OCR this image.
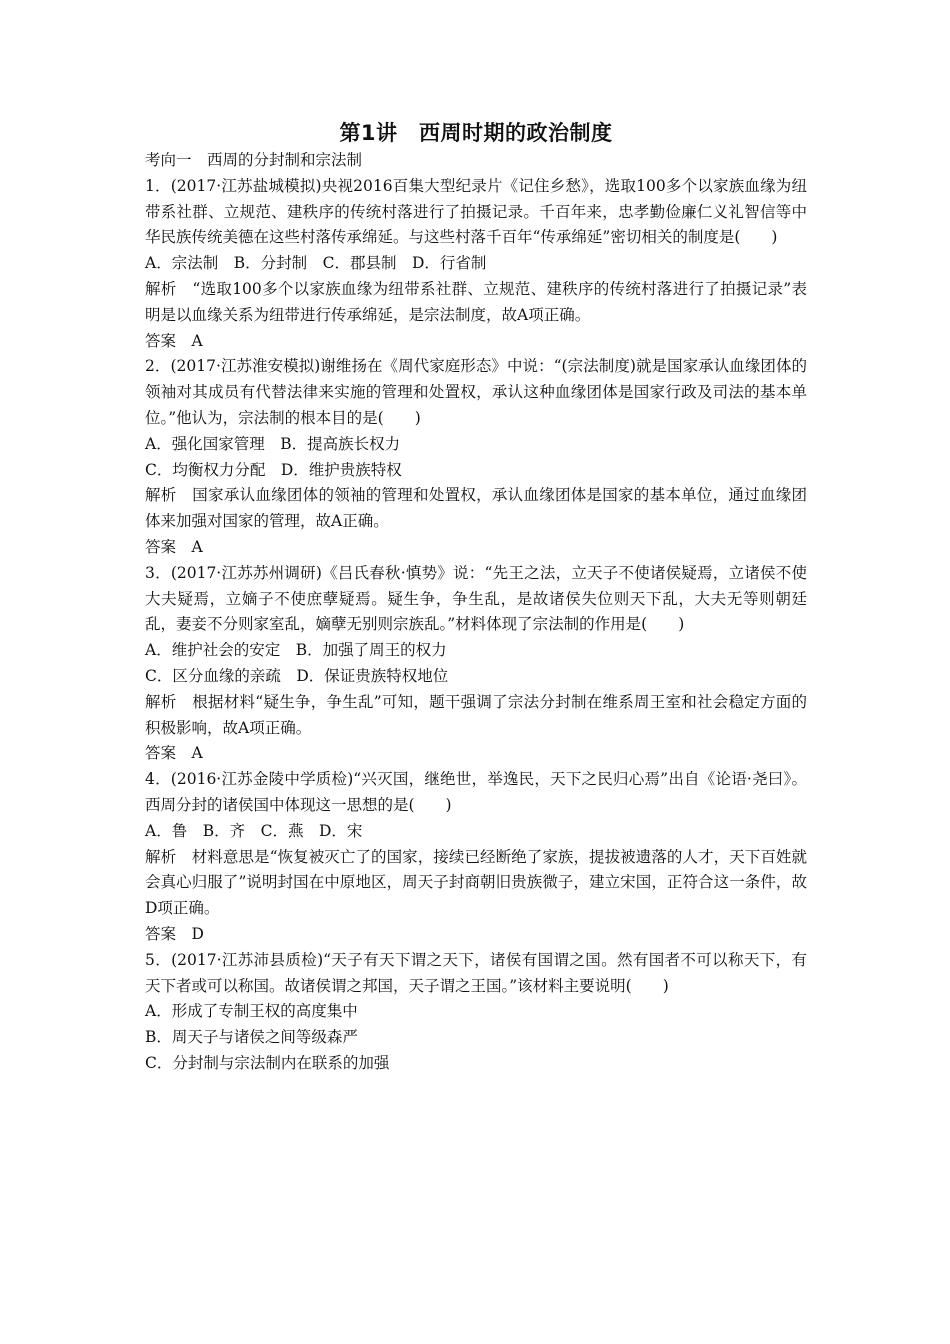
第1讲　西周时期的政治制度
考向一　西周的分封制和宗法制

1．(2017·江苏盐城模拟)央视2016百集大型纪录片《记住乡愁》，选取100多个以家族血缘为纽带系社群、立规范、建秩序的传统村落进行了拍摄记录。千百年来，忠孝勤俭廉仁义礼智信等中华民族传统美德在这些村落传承绵延。与这些村落千百年“传承绵延”密切相关的制度是(　　)

A．宗法制　B．分封制　C．郡县制　D．行省制

解析　“选取100多个以家族血缘为纽带系社群、立规范、建秩序的传统村落进行了拍摄记录”表明是以血缘关系为纽带进行传承绵延，是宗法制度，故A项正确。

答案　A

2．(2017·江苏淮安模拟)谢维扬在《周代家庭形态》中说：“(宗法制度)就是国家承认血缘团体的领袖对其成员有代替法律来实施的管理和处置权，承认这种血缘团体是国家行政及司法的基本单位。”他认为，宗法制的根本目的是(　　)

A．强化国家管理　B．提高族长权力

C．均衡权力分配　D．维护贵族特权

解析　国家承认血缘团体的领袖的管理和处置权，承认血缘团体是国家的基本单位，通过血缘团体来加强对国家的管理，故A正确。

答案　A

3．(2017·江苏苏州调研)《吕氏春秋·慎势》说：“先王之法，立天子不使诸侯疑焉，立诸侯不使大夫疑焉，立嫡子不使庶孽疑焉。疑生争，争生乱，是故诸侯失位则天下乱，大夫无等则朝廷乱，妻妾不分则家室乱，嫡孽无别则宗族乱。”材料体现了宗法制的作用是(　　)

A．维护社会的安定　B．加强了周王的权力

C．区分血缘的亲疏　D．保证贵族特权地位

解析　根据材料“疑生争，争生乱”可知，题干强调了宗法分封制在维系周王室和社会稳定方面的积极影响，故A项正确。

答案　A

4．(2016·江苏金陵中学质检)“兴灭国，继绝世，举逸民，天下之民归心焉”出自《论语·尧曰》。西周分封的诸侯国中体现这一思想的是(　　)

A．鲁　B．齐　C．燕　D．宋

解析　材料意思是“恢复被灭亡了的国家，接续已经断绝了家族，提拔被遗落的人才，天下百姓就会真心归服了”说明封国在中原地区，周天子封商朝旧贵族微子，建立宋国，正符合这一条件，故D项正确。

答案　D

5．(2017·江苏沛县质检)“天子有天下谓之天下，诸侯有国谓之国。然有国者不可以称天下，有天下者或可以称国。故诸侯谓之邦国，天子谓之王国。”该材料主要说明(　　)

A．形成了专制王权的高度集中

B．周天子与诸侯之间等级森严

C．分封制与宗法制内在联系的加强
